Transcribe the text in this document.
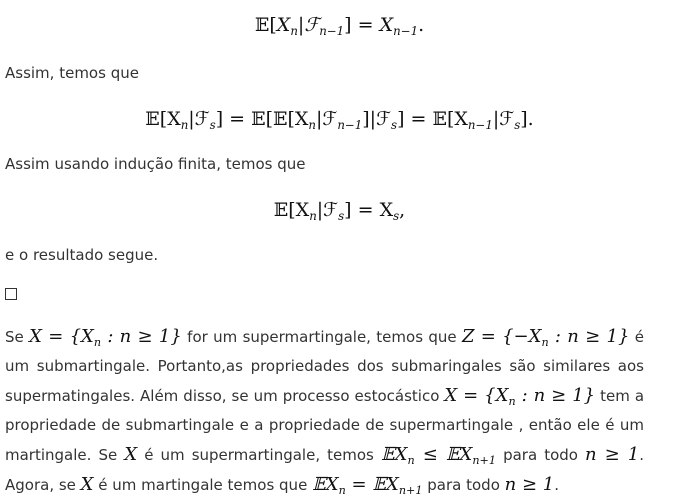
$𝔼[X_n|ℱ_{n-1}] = X_{n-1}$.
Assim, temos que
$𝔼[X_n|ℱ_s]$ = $𝔼[𝔼[X_n|ℱ_{n-1}]|ℱ_s]$ = $𝔼[X_{n-1}|ℱ_s]$.
Assim usando indução finita, temos que
$𝔼[X_n|ℱ_s] = X_s$,
e o resultado segue.
Se $X = \{X_n$ : n ≥ 1} for um supermartingale, temos que $Z = \{-X_n$ : n ≥ 1} é
um submartingale. Portanto,as propriedades dos submaringales são similares aos
supermatingales. Além disso, se um processo estocástico $X = \{X_n$ : n ≥ 1} tem a
propriedade de submartingale e a propriedade de supermartingale , então ele é um
martingale. Se X é um supermartingale, temos 𝔼X$_n$ ≤ 𝔼X$_{n+1}$ para todo n ≥ 1.
Agora, se X é um martingale temos que 𝔼X$_n$ = 𝔼X$_{n+1}$ para todo n ≥ 1.
